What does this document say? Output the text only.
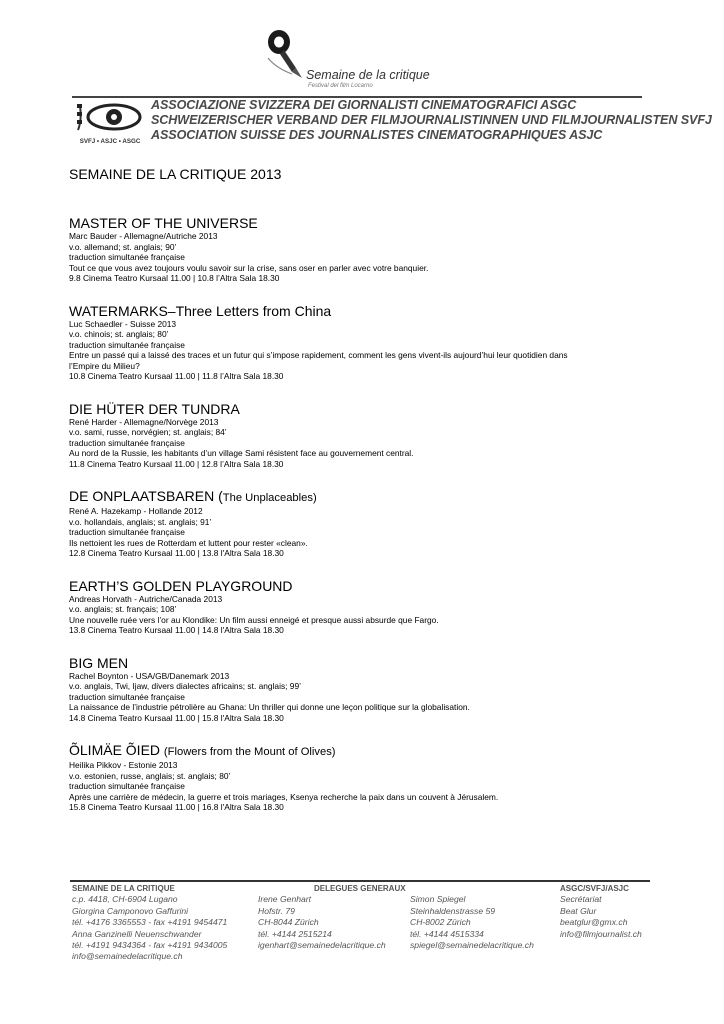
Semaine de la critique
Festival del film Locarno
SVFJ • ASJC • ASGC
ASSOCIAZIONE SVIZZERA DEI GIORNALISTI CINEMATOGRAFICI ASGC
SCHWEIZERISCHER VERBAND DER FILMJOURNALISTINNEN UND FILMJOURNALISTEN SVFJ
ASSOCIATION SUISSE DES JOURNALISTES CINEMATOGRAPHIQUES ASJC
SEMAINE DE LA CRITIQUE 2013
MASTER OF THE UNIVERSE
Marc Bauder - Allemagne/Autriche 2013
v.o. allemand; st. anglais; 90’
traduction simultanée française
Tout ce que vous avez toujours voulu savoir sur la crise, sans oser en parler avec votre banquier.
9.8 Cinema Teatro Kursaal 11.00 | 10.8 l’Altra Sala 18.30
WATERMARKS–Three Letters from China
Luc Schaedler - Suisse 2013
v.o. chinois; st. anglais; 80’
traduction simultanée française
Entre un passé qui a laissé des traces et un futur qui s’impose rapidement, comment les gens vivent-ils aujourd’hui leur quotidien dans
l’Empire du Milieu?
10.8 Cinema Teatro Kursaal 11.00 | 11.8 l’Altra Sala 18.30
DIE HÜTER DER TUNDRA
René Harder - Allemagne/Norvège 2013
v.o. sami, russe, norvégien; st. anglais; 84’
traduction simultanée française
Au nord de la Russie, les habitants d’un village Sami résistent face au gouvernement central.
11.8 Cinema Teatro Kursaal 11.00 | 12.8 l’Altra Sala 18.30
DE ONPLAATSBAREN (The Unplaceables)
René A. Hazekamp - Hollande 2012
v.o. hollandais, anglais; st. anglais; 91’
traduction simultanée française
Ils nettoient les rues de Rotterdam et luttent pour rester «clean».
12.8 Cinema Teatro Kursaal 11.00 | 13.8 l'Altra Sala 18.30
EARTH’S GOLDEN PLAYGROUND
Andreas Horvath - Autriche/Canada 2013
v.o. anglais; st. français; 108’
Une nouvelle ruée vers l’or au Klondike: Un film aussi enneigé et presque aussi absurde que Fargo.
13.8 Cinema Teatro Kursaal 11.00 | 14.8 l'Altra Sala 18.30
BIG MEN
Rachel Boynton - USA/GB/Danemark 2013
v.o. anglais, Twi, Ijaw, divers dialectes africains; st. anglais; 99’
traduction simultanée française
La naissance de l’industrie pétrolière au Ghana: Un thriller qui donne une leçon politique sur la globalisation.
14.8 Cinema Teatro Kursaal 11.00 | 15.8 l'Altra Sala 18.30
ÕLIMÄE ÕIED (Flowers from the Mount of Olives)
Heilika Pikkov - Estonie 2013
v.o. estonien, russe, anglais; st. anglais; 80’
traduction simultanée française
Après une carrière de médecin, la guerre et trois mariages, Ksenya recherche la paix dans un couvent à Jérusalem.
15.8 Cinema Teatro Kursaal 11.00 | 16.8 l'Altra Sala 18.30
SEMAINE DE LA CRITIQUE
c.p. 4418, CH-6904 Lugano
Giorgina Camponovo Gaffurini
tél. +4176 3365553 - fax +4191 9454471
Anna Ganzinelli Neuenschwander
tél. +4191 9434364 - fax +4191 9434005
info@semainedelacritique.ch
DELEGUES GENERAUX
Irene Genhart
Hofstr. 79
CH-8044 Zürich
tél. +4144 2515214
igenhart@semainedelacritique.ch
Simon Spiegel
Steinhaldenstrasse 59
CH-8002 Zürich
tél. +4144 4515334
spiegel@semainedelacritique.ch
ASGC/SVFJ/ASJC
Secrétariat
Beat Glur
beatglur@gmx.ch
info@filmjournalist.ch
